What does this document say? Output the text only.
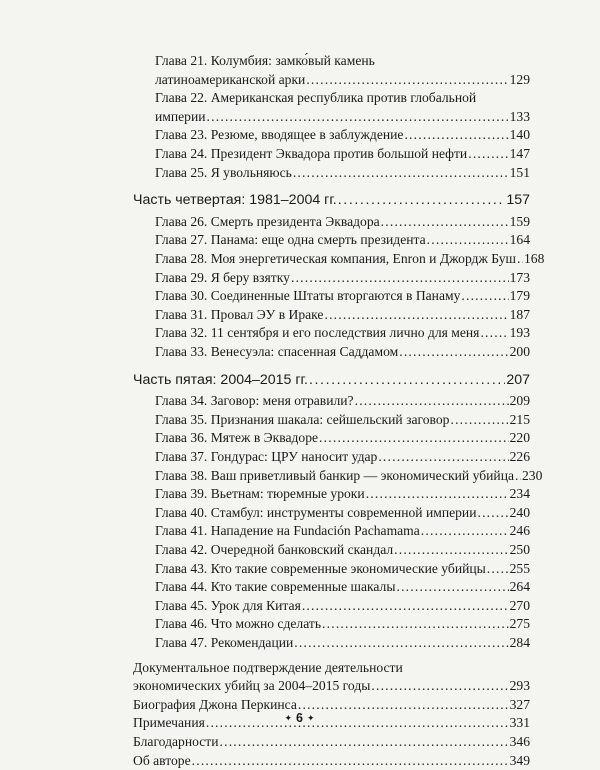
Глава 21. Колумбия: замко́вый камень
латиноамериканской арки .....	129
Глава 22. Американская республика против глобальной
империи .....	133
Глава 23. Резюме, вводящее в заблуждение .....	140
Глава 24. Президент Эквадора против большой нефти .....	147
Глава 25. Я увольняюсь .....	151
Часть четвертая: 1981–2004 гг. .....	157
Глава 26. Смерть президента Эквадора .....	159
Глава 27. Панама: еще одна смерть президента .....	164
Глава 28. Моя энергетическая компания, Enron и Джордж Буш ..... 168
Глава 29. Я беру взятку .....	173
Глава 30. Соединенные Штаты вторгаются в Панаму .....	179
Глава 31. Провал ЭУ в Ираке .....	187
Глава 32. 11 сентября и его последствия лично для меня ..... 193
Глава 33. Венесуэла: спасенная Саддамом .....	200
Часть пятая: 2004–2015 гг. .....	207
Глава 34. Заговор: меня отравили? .....	209
Глава 35. Признания шакала: сейшельский заговор .....	215
Глава 36. Мятеж в Эквадоре .....	220
Глава 37. Гондурас: ЦРУ наносит удар .....	226
Глава 38. Ваш приветливый банкир — экономический убийца ..... 230
Глава 39. Вьетнам: тюремные уроки .....	234
Глава 40. Стамбул: инструменты современной империи ..... 240
Глава 41. Нападение на Fundación Pachamama .....	246
Глава 42. Очередной банковский скандал .....	250
Глава 43. Кто такие современные экономические убийцы ..... 255
Глава 44. Кто такие современные шакалы .....	264
Глава 45. Урок для Китая .....	270
Глава 46. Что можно сделать .....	275
Глава 47. Рекомендации .....	284
Документальное подтверждение деятельности
экономических убийц за 2004–2015 годы .....	293
Биография Джона Перкинса .....	327
Примечания .....	331
Благодарности .....	346
Об авторе .....	349
✦ 6 ✦
